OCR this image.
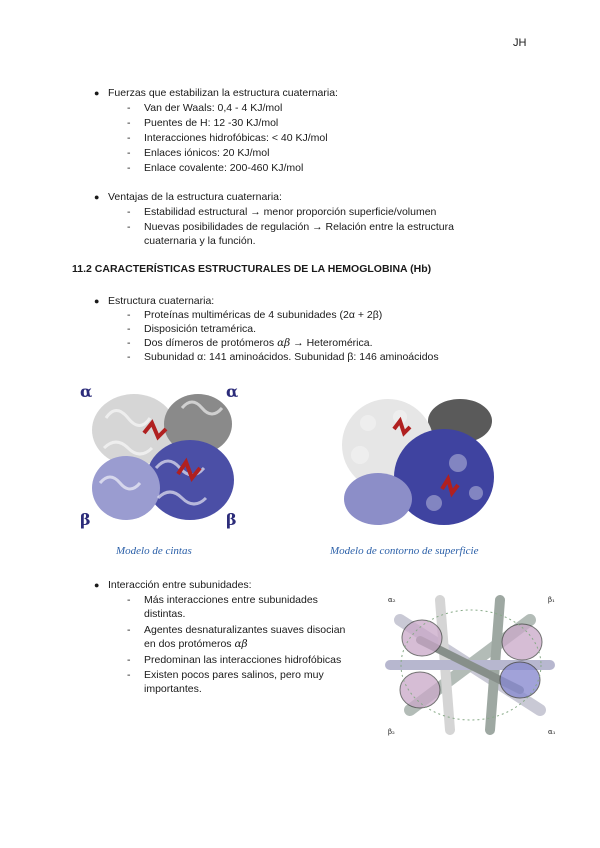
JH
● Fuerzas que estabilizan la estructura cuaternaria:
- Van der Waals: 0,4 - 4 KJ/mol
- Puentes de H: 12 -30 KJ/mol
- Interacciones hidrofóbicas: < 40 KJ/mol
- Enlaces iónicos: 20 KJ/mol
- Enlace covalente: 200-460 KJ/mol
● Ventajas de la estructura cuaternaria:
- Estabilidad estructural → menor proporción superficie/volumen
- Nuevas posibilidades de regulación → Relación entre la estructura
cuaternaria y la función.
11.2 CARACTERÍSTICAS ESTRUCTURALES DE LA HEMOGLOBINA (Hb)
● Estructura cuaternaria:
- Proteínas multiméricas de 4 subunidades (2α + 2β)
- Disposición tetramérica.
- Dos dímeros de protómeros αβ → Heteromérica.
- Subunidad α: 141 aminoácidos. Subunidad β: 146 aminoácidos
α	α
β	β
Modelo de cintas	Modelo de contorno de superficie
● Interacción entre subunidades:
- Más interacciones entre subunidades
distintas.
- Agentes desnaturalizantes suaves disocian
en dos protómeros αβ
- Predominan las interacciones hidrofóbicas
- Existen pocos pares salinos, pero muy
importantes.
α₂	β₁
β₂	α₁
